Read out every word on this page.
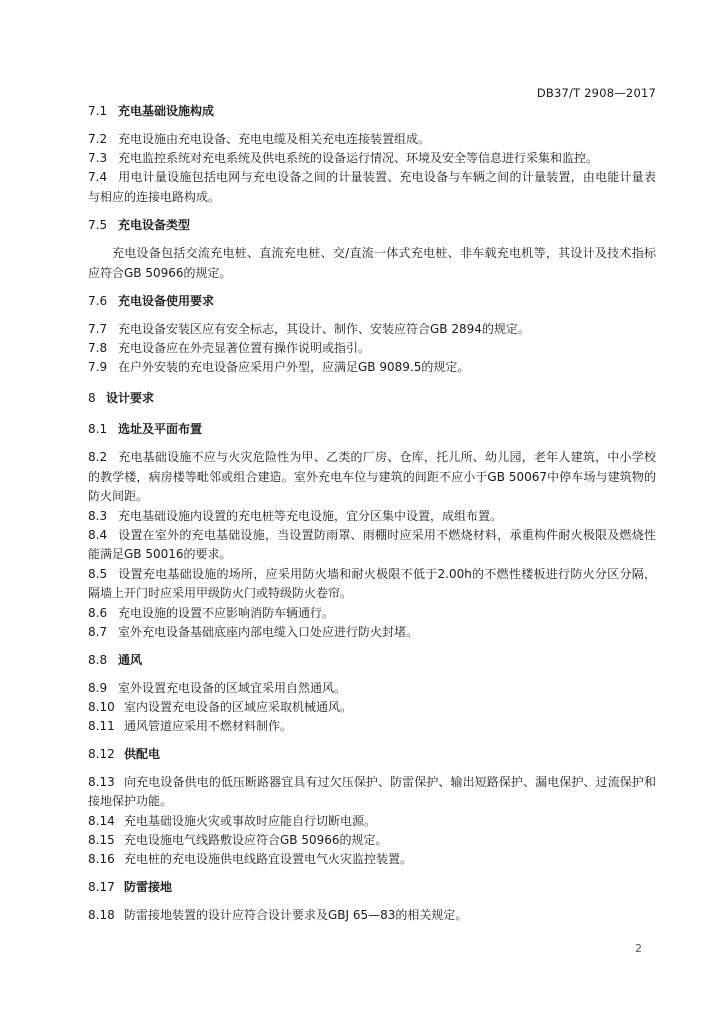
DB37/T 2908—2017
7.1 充电基础设施构成
7.2 充电设施由充电设备、充电电缆及相关充电连接装置组成。
7.3 充电监控系统对充电系统及供电系统的设备运行情况、环境及安全等信息进行采集和监控。
7.4 用电计量设施包括电网与充电设备之间的计量装置、充电设备与车辆之间的计量装置，由电能计量表与相应的连接电路构成。
7.5 充电设备类型
充电设备包括交流充电桩、直流充电桩、交/直流一体式充电桩、非车载充电机等，其设计及技术指标应符合GB 50966的规定。
7.6 充电设备使用要求
7.7 充电设备安装区应有安全标志，其设计、制作、安装应符合GB 2894的规定。
7.8 充电设备应在外壳显著位置有操作说明或指引。
7.9 在户外安装的充电设备应采用户外型，应满足GB 9089.5的规定。
8 设计要求
8.1 选址及平面布置
8.2 充电基础设施不应与火灾危险性为甲、乙类的厂房、仓库，托儿所、幼儿园，老年人建筑，中小学校的教学楼，病房楼等毗邻或组合建造。室外充电车位与建筑的间距不应小于GB 50067中停车场与建筑物的防火间距。
8.3 充电基础设施内设置的充电桩等充电设施，宜分区集中设置，成组布置。
8.4 设置在室外的充电基础设施，当设置防雨罩、雨棚时应采用不燃烧材料，承重构件耐火极限及燃烧性能满足GB 50016的要求。
8.5 设置充电基础设施的场所，应采用防火墙和耐火极限不低于2.00h的不燃性楼板进行防火分区分隔，隔墙上开门时应采用甲级防火门或特级防火卷帘。
8.6 充电设施的设置不应影响消防车辆通行。
8.7 室外充电设备基础底座内部电缆入口处应进行防火封堵。
8.8 通风
8.9 室外设置充电设备的区域宜采用自然通风。
8.10 室内设置充电设备的区域应采取机械通风。
8.11 通风管道应采用不燃材料制作。
8.12 供配电
8.13 向充电设备供电的低压断路器宜具有过欠压保护、防雷保护、输出短路保护、漏电保护、过流保护和接地保护功能。
8.14 充电基础设施火灾或事故时应能自行切断电源。
8.15 充电设施电气线路敷设应符合GB 50966的规定。
8.16 充电桩的充电设施供电线路宜设置电气火灾监控装置。
8.17 防雷接地
8.18 防雷接地装置的设计应符合设计要求及GBJ 65—83的相关规定。
2
